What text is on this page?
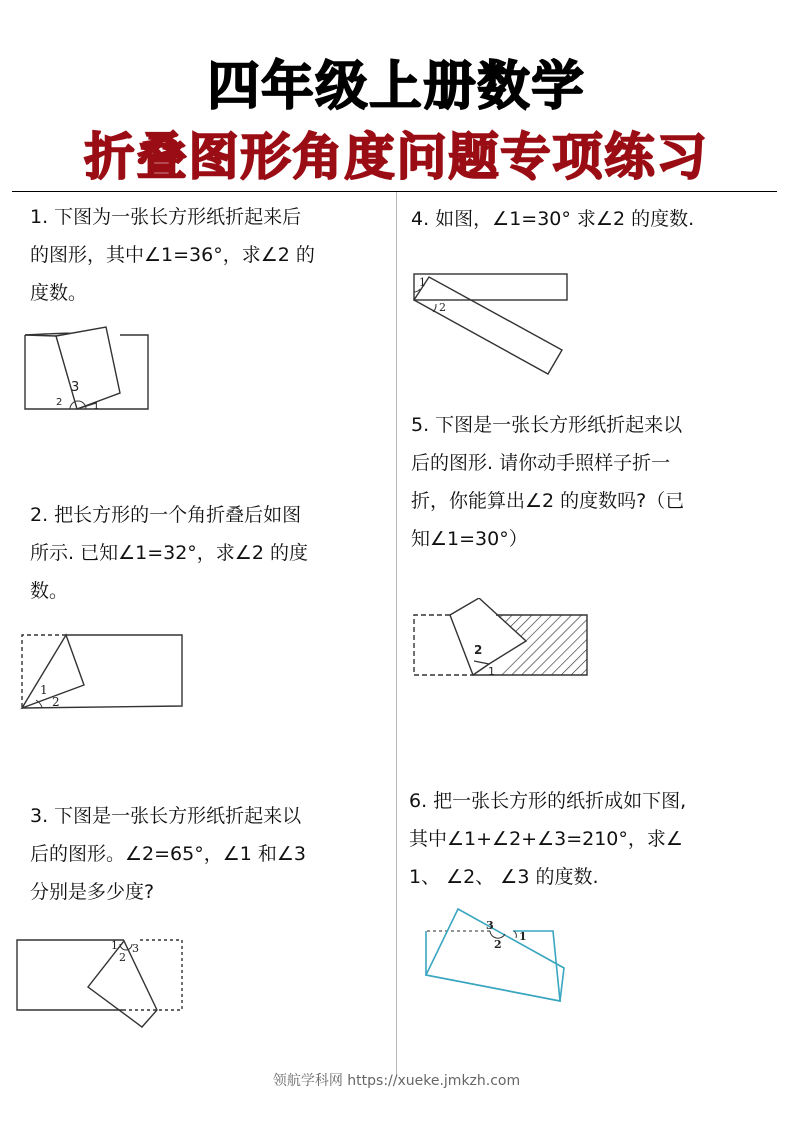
四年级上册数学
折叠图形角度问题专项练习
1. 下图为一张长方形纸折起来后
的图形，其中∠1=36°，求∠2 的
度数。
3
2	1
2. 把长方形的一个角折叠后如图
所示. 已知∠1=32°，求∠2 的度
数。
1
2
3. 下图是一张长方形纸折起来以
后的图形。∠2=65°，∠1 和∠3
分别是多少度?
1
2
3
4. 如图，∠1=30° 求∠2 的度数.
1
2
5. 下图是一张长方形纸折起来以
后的图形. 请你动手照样子折一
折，你能算出∠2 的度数吗?（已
知∠1=30°）
2
1
6. 把一张长方形的纸折成如下图,
其中∠1+∠2+∠3=210°，求∠
1、 ∠2、 ∠3 的度数.
3
2
1
领航学科网 https://xueke.jmkzh.com
